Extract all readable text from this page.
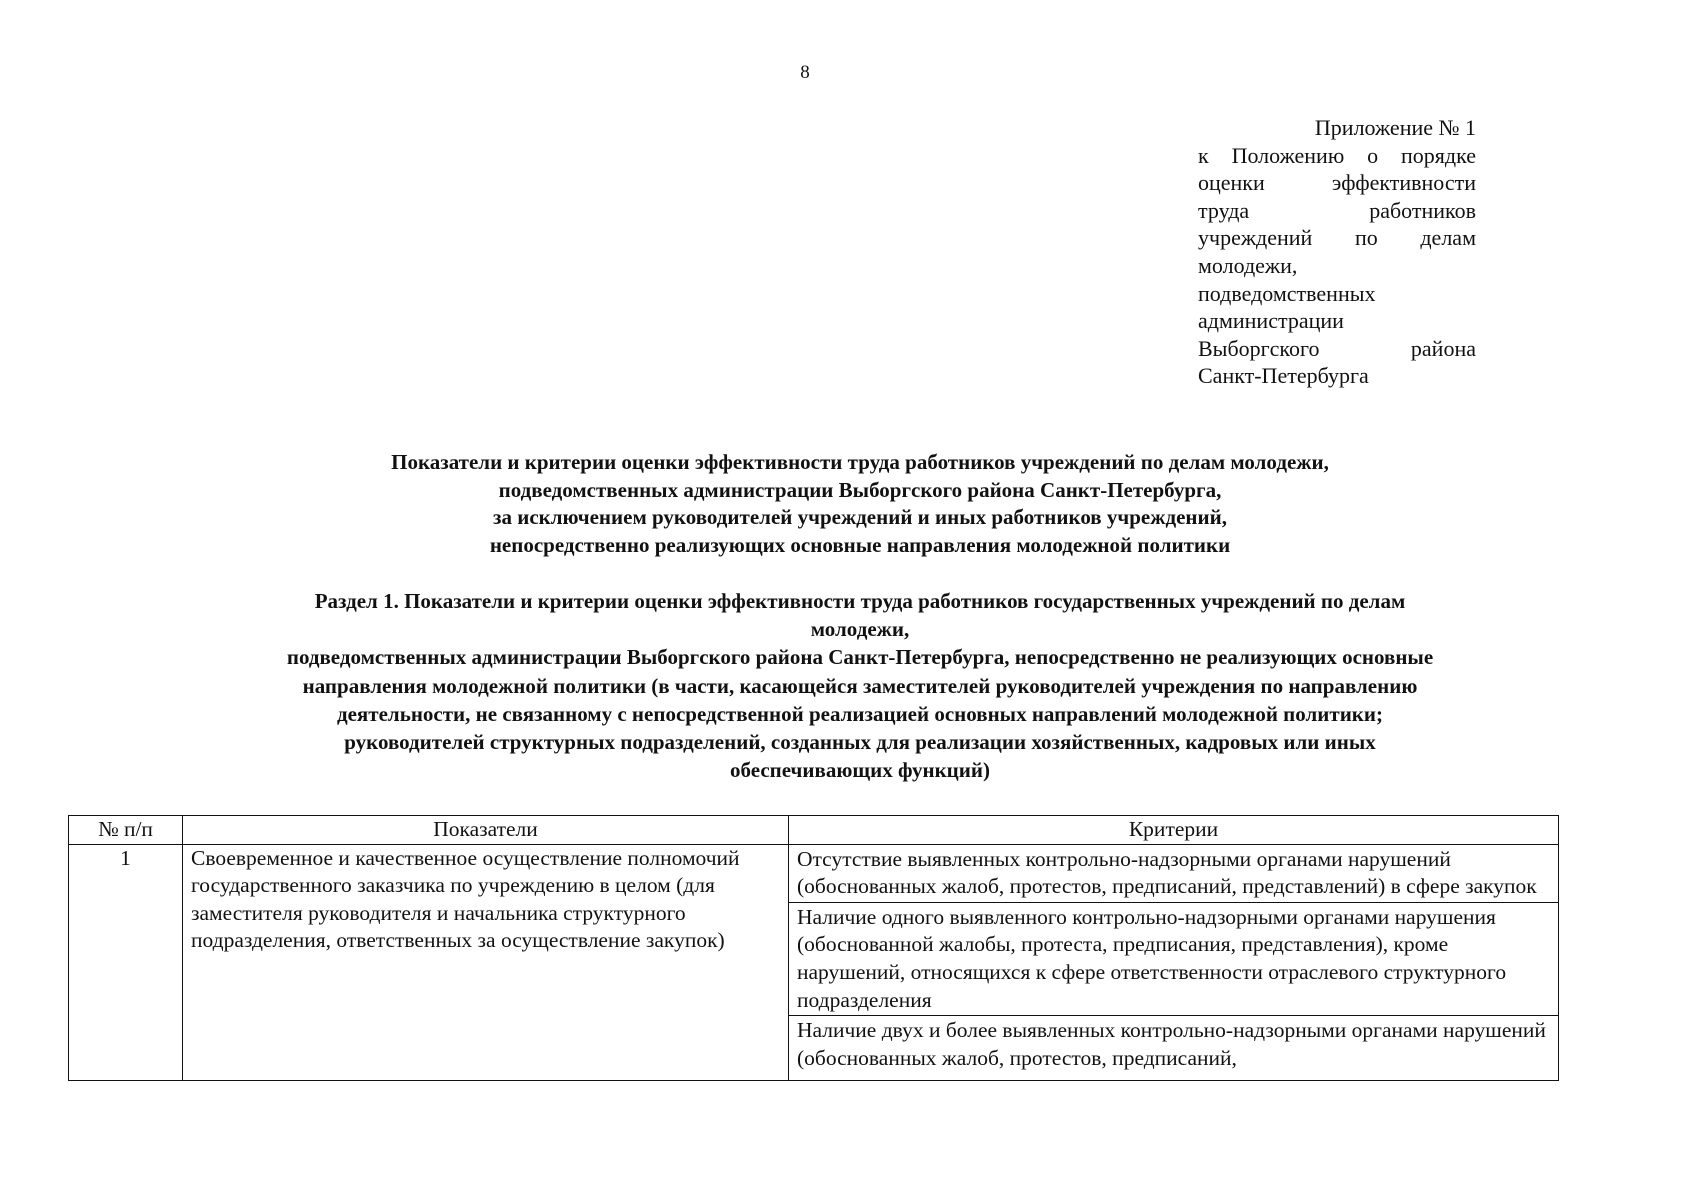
8
Приложение № 1
к Положению о порядке
оценки эффективности
труда работников
учреждений по делам
молодежи,
подведомственных
администрации
Выборгского района
Санкт-Петербурга
Показатели и критерии оценки эффективности труда работников учреждений по делам молодежи,
подведомственных администрации Выборгского района Санкт-Петербурга,
за исключением руководителей учреждений и иных работников учреждений,
непосредственно реализующих основные направления молодежной политики
Раздел 1. Показатели и критерии оценки эффективности труда работников государственных учреждений по делам
молодежи,
подведомственных администрации Выборгского района Санкт-Петербурга, непосредственно не реализующих основные
направления молодежной политики (в части, касающейся заместителей руководителей учреждения по направлению
деятельности, не связанному с непосредственной реализацией основных направлений молодежной политики;
руководителей структурных подразделений, созданных для реализации хозяйственных, кадровых или иных
обеспечивающих функций)
№ п/п	Показатели	Критерии
1	Своевременное и качественное осуществление полномочий государственного заказчика по учреждению в целом (для заместителя руководителя и начальника структурного подразделения, ответственных за осуществление закупок)	Отсутствие выявленных контрольно-надзорными органами нарушений (обоснованных жалоб, протестов, предписаний, представлений) в сфере закупок
		Наличие одного выявленного контрольно-надзорными органами нарушения (обоснованной жалобы, протеста, предписания, представления), кроме нарушений, относящихся к сфере ответственности отраслевого структурного подразделения
		Наличие двух и более выявленных контрольно-надзорными органами нарушений (обоснованных жалоб, протестов, предписаний,
